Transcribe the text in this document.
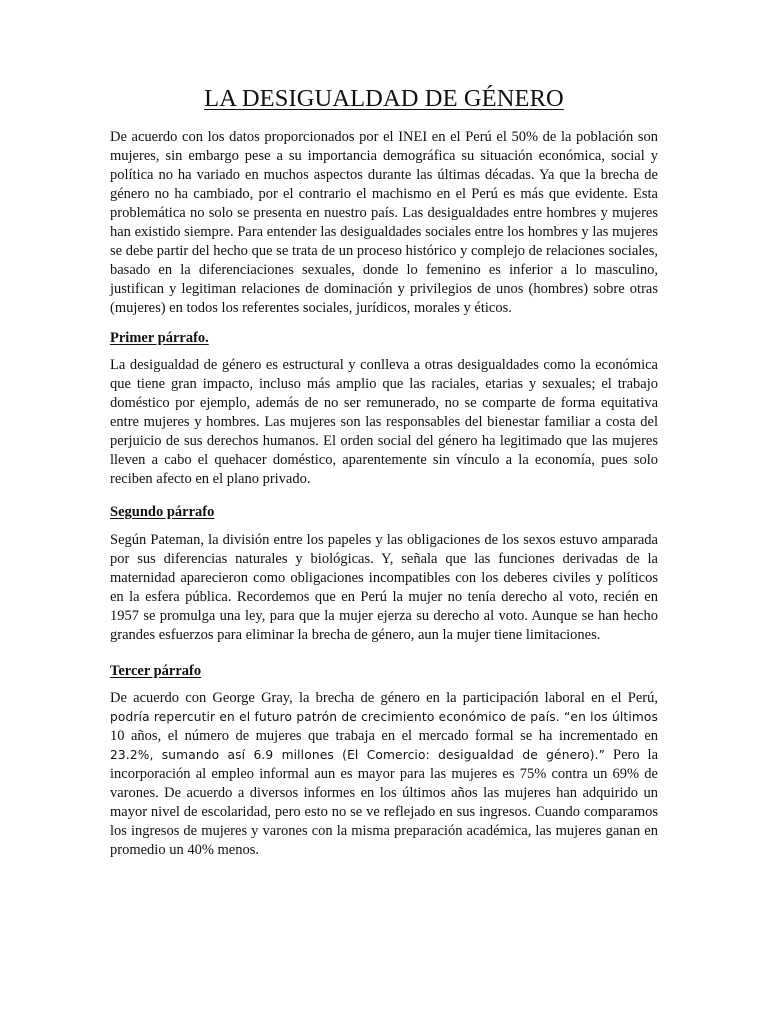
LA DESIGUALDAD DE GÉNERO

De acuerdo con los datos proporcionados por el INEI en el Perú el 50% de la población son mujeres, sin embargo pese a su importancia demográfica su situación económica, social y política no ha variado en muchos aspectos durante las últimas décadas. Ya que la brecha de género no ha cambiado, por el contrario el machismo en el Perú es más que evidente. Esta problemática no solo se presenta en nuestro país. Las desigualdades entre hombres y mujeres han existido siempre. Para entender las desigualdades sociales entre los hombres y las mujeres se debe partir del hecho que se trata de un proceso histórico y complejo de relaciones sociales, basado en la diferenciaciones sexuales, donde lo femenino es inferior a lo masculino, justifican y legitiman relaciones de dominación y privilegios de unos (hombres) sobre otras (mujeres) en todos los referentes sociales, jurídicos, morales y éticos.

Primer párrafo.

La desigualdad de género es estructural y conlleva a otras desigualdades como la económica que tiene gran impacto, incluso más amplio que las raciales, etarias y sexuales; el trabajo doméstico por ejemplo, además de no ser remunerado, no se comparte de forma equitativa entre mujeres y hombres. Las mujeres son las responsables del bienestar familiar a costa del perjuicio de sus derechos humanos. El orden social del género ha legitimado que las mujeres lleven a cabo el quehacer doméstico, aparentemente sin vínculo a la economía, pues solo reciben afecto en el plano privado.

Segundo párrafo

Según Pateman, la división entre los papeles y las obligaciones de los sexos estuvo amparada por sus diferencias naturales y biológicas. Y, señala que las funciones derivadas de la maternidad aparecieron como obligaciones incompatibles con los deberes civiles y políticos en la esfera pública. Recordemos que en Perú la mujer no tenía derecho al voto, recién en 1957 se promulga una ley, para que la mujer ejerza su derecho al voto. Aunque se han hecho grandes esfuerzos para eliminar la brecha de género, aun la mujer tiene limitaciones.

Tercer párrafo

De acuerdo con George Gray, la brecha de género en la participación laboral en el Perú, podría repercutir en el futuro patrón de crecimiento económico de país. “en los últimos 10 años, el número de mujeres que trabaja en el mercado formal se ha incrementado en 23.2%, sumando así 6.9 millones (El Comercio: desigualdad de género).” Pero la incorporación al empleo informal aun es mayor para las mujeres es 75% contra un 69% de varones. De acuerdo a diversos informes en los últimos años las mujeres han adquirido un mayor nivel de escolaridad, pero esto no se ve reflejado en sus ingresos. Cuando comparamos los ingresos de mujeres y varones con la misma preparación académica, las mujeres ganan en promedio un 40% menos.
